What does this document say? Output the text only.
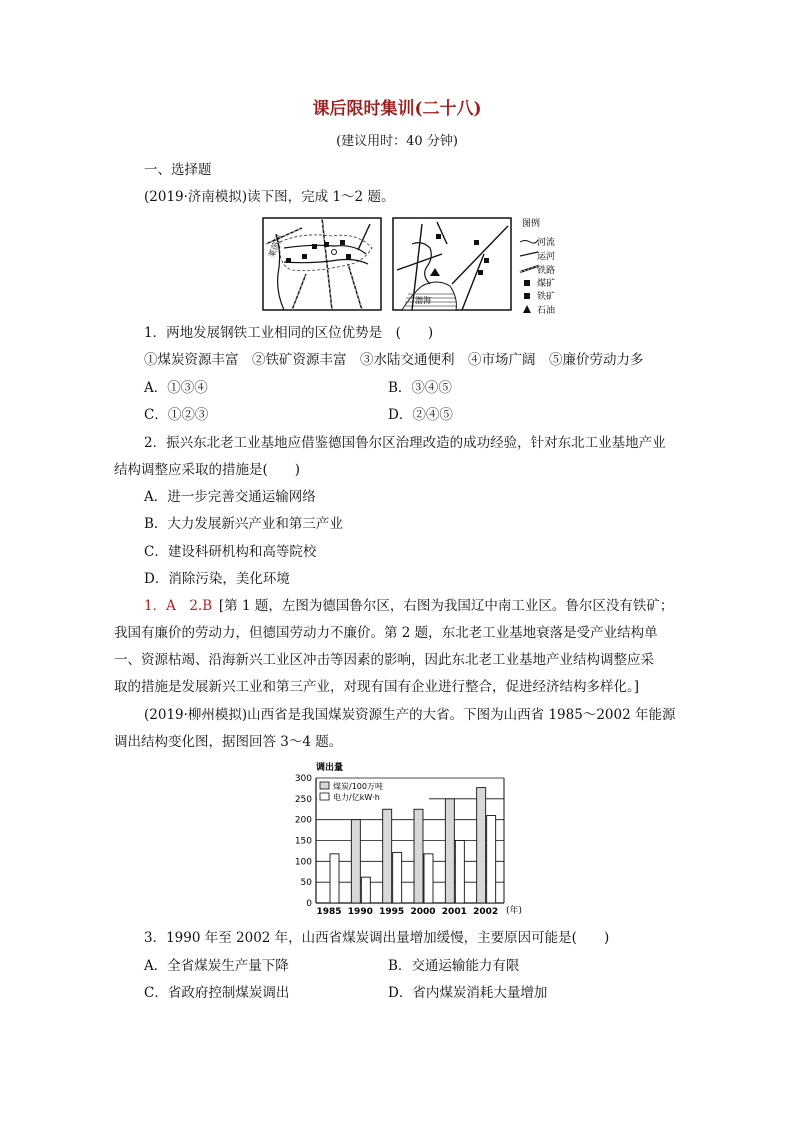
课后限时集训(二十八)
(建议用时：40 分钟)
一、选择题
(2019·济南模拟)读下图，完成 1～2 题。
莱茵河
渤海
图例
河流
运河
铁路
煤矿
铁矿
石油
1．两地发展钢铁工业相同的区位优势是　(　　)
①煤炭资源丰富　②铁矿资源丰富　③水陆交通便利　④市场广阔　⑤廉价劳动力多
A．①③④	B．③④⑤
C．①②③	D．②④⑤
2．振兴东北老工业基地应借鉴德国鲁尔区治理改造的成功经验，针对东北工业基地产业
结构调整应采取的措施是(　　)
A．进一步完善交通运输网络
B．大力发展新兴产业和第三产业
C．建设科研机构和高等院校
D．消除污染，美化环境
1．A　2.B  [第 1 题，左图为德国鲁尔区，右图为我国辽中南工业区。鲁尔区没有铁矿；
我国有廉价的劳动力，但德国劳动力不廉价。第 2 题，东北老工业基地衰落是受产业结构单
一、资源枯竭、沿海新兴工业区冲击等因素的影响，因此东北老工业基地产业结构调整应采
取的措施是发展新兴工业和第三产业，对现有国有企业进行整合，促进经济结构多样化。]
(2019·柳州模拟)山西省是我国煤炭资源生产的大省。下图为山西省 1985～2002 年能源
调出结构变化图，据图回答 3～4 题。
调出量
(年)
0
50
100
150
200
250
300
1985 1990 1995 2000 2001 2002
煤炭/100万吨
电力/亿kW·h
3．1990 年至 2002 年，山西省煤炭调出量增加缓慢，主要原因可能是(　　)
A．全省煤炭生产量下降	B．交通运输能力有限
C．省政府控制煤炭调出	D．省内煤炭消耗大量增加
